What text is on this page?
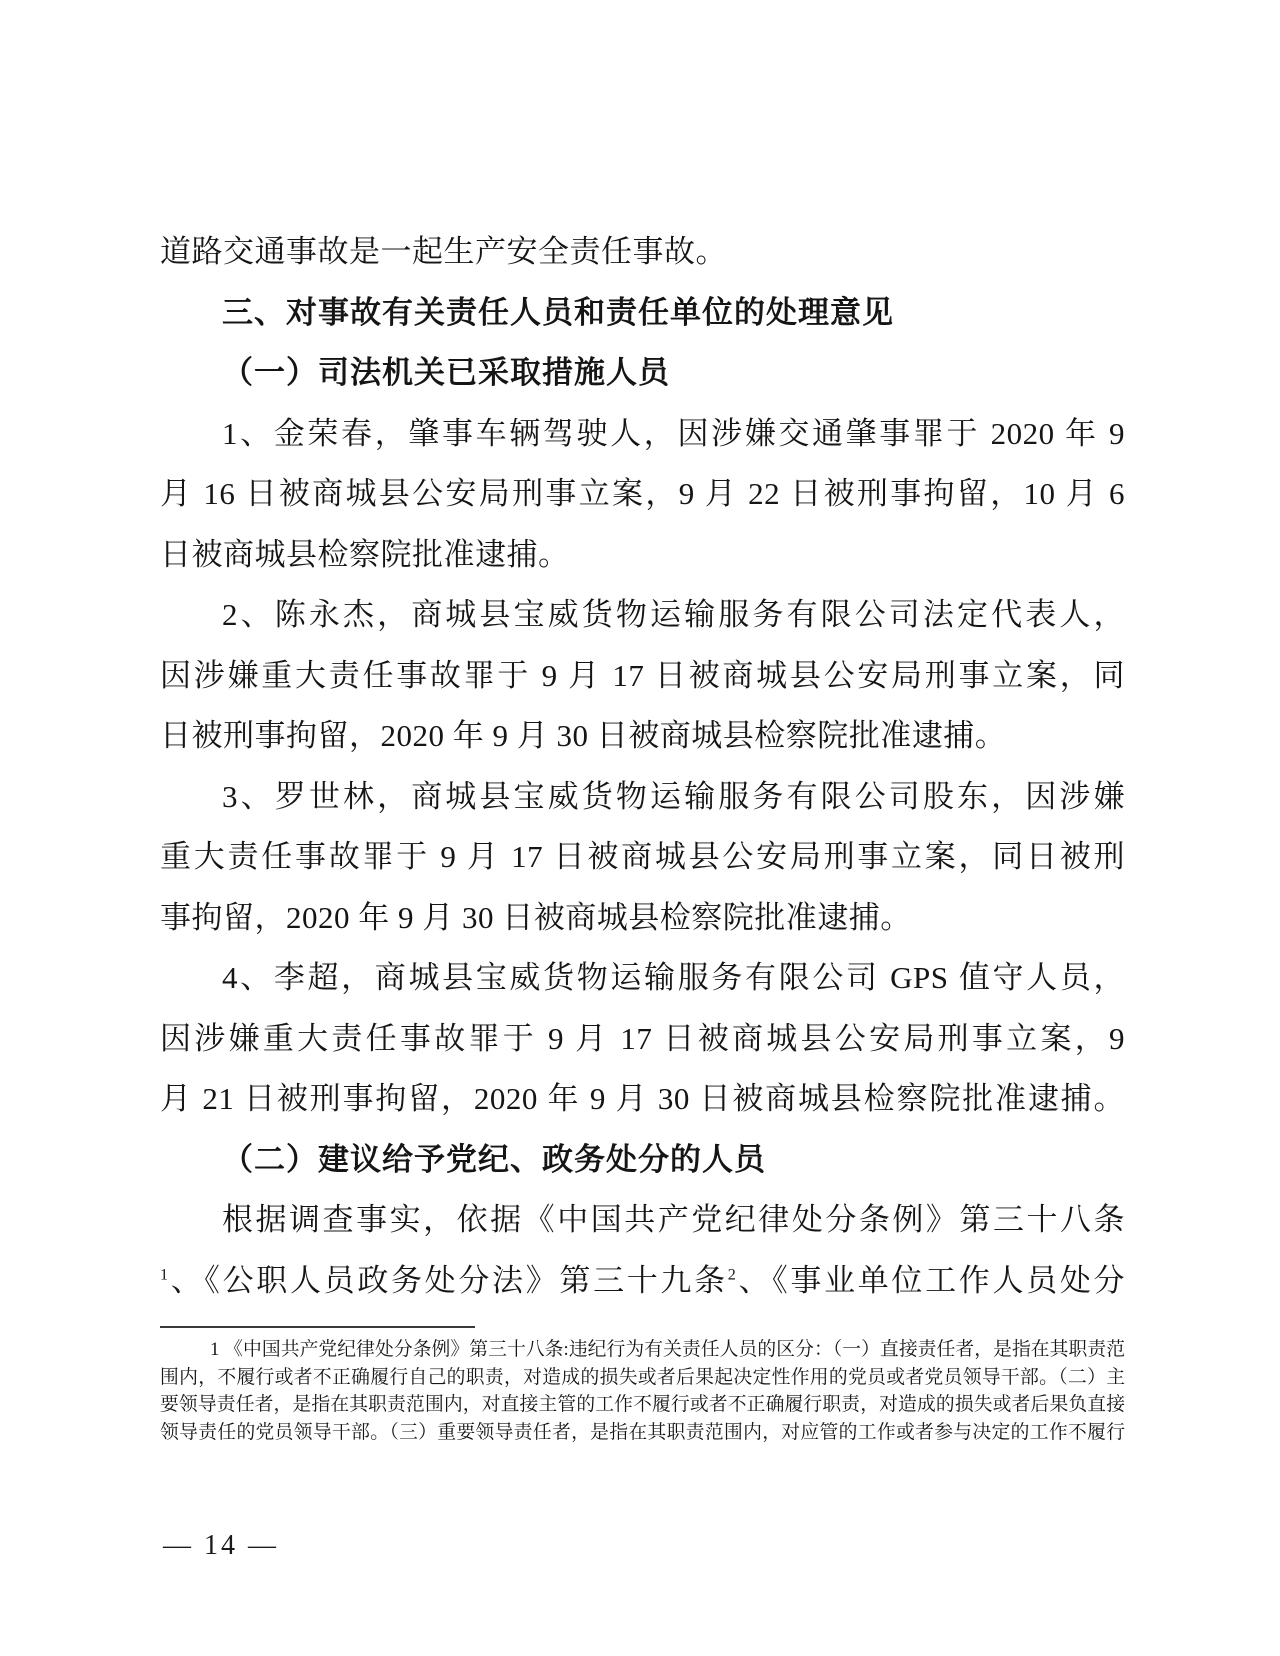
道路交通事故是一起生产安全责任事故。
三、对事故有关责任人员和责任单位的处理意见
（一）司法机关已采取措施人员
1、金荣春，肇事车辆驾驶人，因涉嫌交通肇事罪于 2020 年 9
月 16 日被商城县公安局刑事立案，9 月 22 日被刑事拘留，10 月 6
日被商城县检察院批准逮捕。
2、陈永杰，商城县宝威货物运输服务有限公司法定代表人，
因涉嫌重大责任事故罪于 9 月 17 日被商城县公安局刑事立案，同
日被刑事拘留，2020 年 9 月 30 日被商城县检察院批准逮捕。
3、罗世林，商城县宝威货物运输服务有限公司股东，因涉嫌
重大责任事故罪于 9 月 17 日被商城县公安局刑事立案，同日被刑
事拘留，2020 年 9 月 30 日被商城县检察院批准逮捕。
4、李超，商城县宝威货物运输服务有限公司 GPS 值守人员，
因涉嫌重大责任事故罪于 9 月 17 日被商城县公安局刑事立案，9
月 21 日被刑事拘留，2020 年 9 月 30 日被商城县检察院批准逮捕。
（二）建议给予党纪、政务处分的人员
根据调查事实，依据《中国共产党纪律处分条例》第三十八条
$^1$、《公职人员政务处分法》第三十九条$^2$、《事业单位工作人员处分
1 《中国共产党纪律处分条例》第三十八条:违纪行为有关责任人员的区分：（一）直接责任者，是指在其职责范
围内，不履行或者不正确履行自己的职责，对造成的损失或者后果起决定性作用的党员或者党员领导干部。（二）主
要领导责任者，是指在其职责范围内，对直接主管的工作不履行或者不正确履行职责，对造成的损失或者后果负直接
领导责任的党员领导干部。（三）重要领导责任者，是指在其职责范围内，对应管的工作或者参与决定的工作不履行
— 14 —
